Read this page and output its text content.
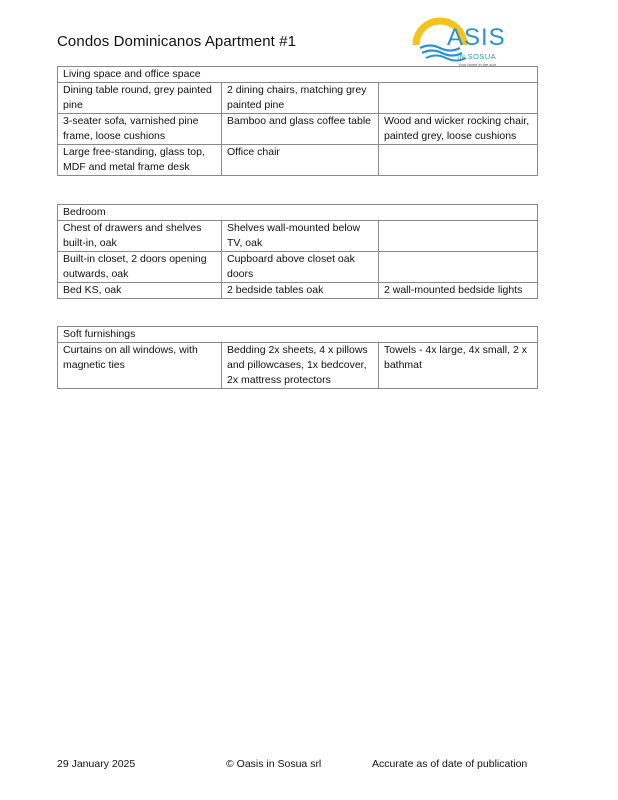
Condos Dominicanos Apartment #1	ASIS
IN SOSUA
Your home in the sun
Living space and office space		
Dining table round, grey painted pine	2 dining chairs, matching grey painted pine	
3-seater sofa, varnished pine frame, loose cushions	Bamboo and glass coffee table	Wood and wicker rocking chair, painted grey, loose cushions
Large free-standing, glass top, MDF and metal frame desk	Office chair	
Bedroom		
Chest of drawers and shelves built-in, oak	Shelves wall-mounted below TV, oak	
Built-in closet, 2 doors opening outwards, oak	Cupboard above closet oak doors	
Bed KS, oak	2 bedside tables oak	2 wall-mounted bedside lights
Soft furnishings
Curtains on all windows, with magnetic ties	Bedding 2x sheets, 4 x pillows and pillowcases, 1x bedcover, 2x mattress protectors	Towels - 4x large, 4x small, 2 x bathmat
29 January 2025	© Oasis in Sosua srl	Accurate as of date of publication
